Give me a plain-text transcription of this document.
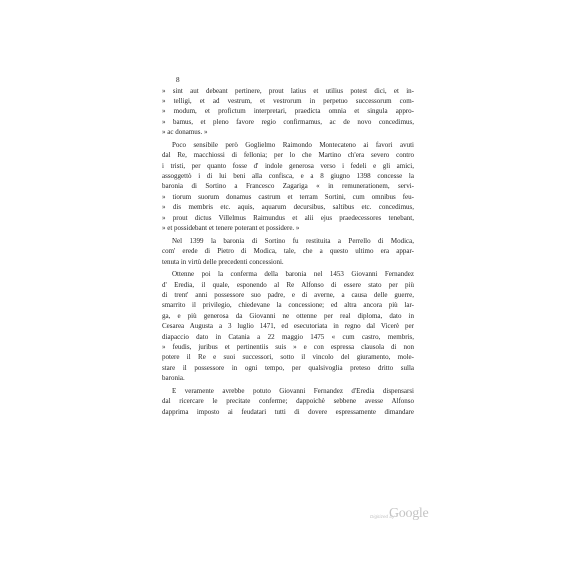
8
» sint aut debeant pertinere, prout latius et utilius potest dici, et in-
» telligi, et ad vestrum, et vestrorum in perpetuo successorum com-
» modum, et profictum interpretari, praedicta omnia et singula appro-
» bamus, et pleno favore regio confirmamus, ac de novo concedimus,
» ac donamus. »
Poco sensibile però Goglielmo Raimondo Montecateno ai favori avuti
dal Re, macchiossi di fellonia; per lo che Martino ch'era severo contro
i tristi, per quanto fosse d' indole generosa verso i fedeli e gli amici,
assoggettò i di lui beni alla confisca, e a 8 giugno 1398 concesse la
baronia di Sortino a Francesco Zagariga « in remunerationem, servi-
» tiorum suorum donamus castrum et terram Sortini, cum omnibus feu-
» dis membris etc. aquis, aquarum decursibus, saltibus etc. concedimus,
» prout dictus Villelmus Raimundus et alii ejus praedecessores tenebant,
» et possidebant et tenere poterant et possidere. »
Nel 1399 la baronia di Sortino fu restituita a Perrello di Modica,
com' erede di Pietro di Modica, tale, che a questo ultimo era appar-
tenuta in virtù delle precedenti concessioni.
Ottenne poi la conferma della baronia nel 1453 Giovanni Fernandez
d' Eredia, il quale, esponendo al Re Alfonso di essere stato per più
di trent' anni possessore suo padre, e di averne, a causa delle guerre,
smarrito il privilegio, chiedevane la concessione; ed altra ancora più lar-
ga, e più generosa da Giovanni ne ottenne per real diploma, dato in
Cesarea Augusta a 3 luglio 1471, ed esecutoriata in regno dal Vicerè per
diapaccio dato in Catania a 22 maggio 1475 « cum castro, membris,
» feudis, juribus et pertinentiis suis » e con espressa clausola di non
potere il Re e suoi successori, sotto il vincolo del giuramento, mole-
stare il possessore in ogni tempo, per qualsivoglia preteso dritto sulla
baronia.
E veramente avrebbe potuto Giovanni Fernandez d'Eredia dispensarsi
dal ricercare le precitate conferme; dappoichè sebbene avesse Alfonso
dapprima imposto ai feudatari tutti di dovere espressamente dimandare
Digitized by
Google
